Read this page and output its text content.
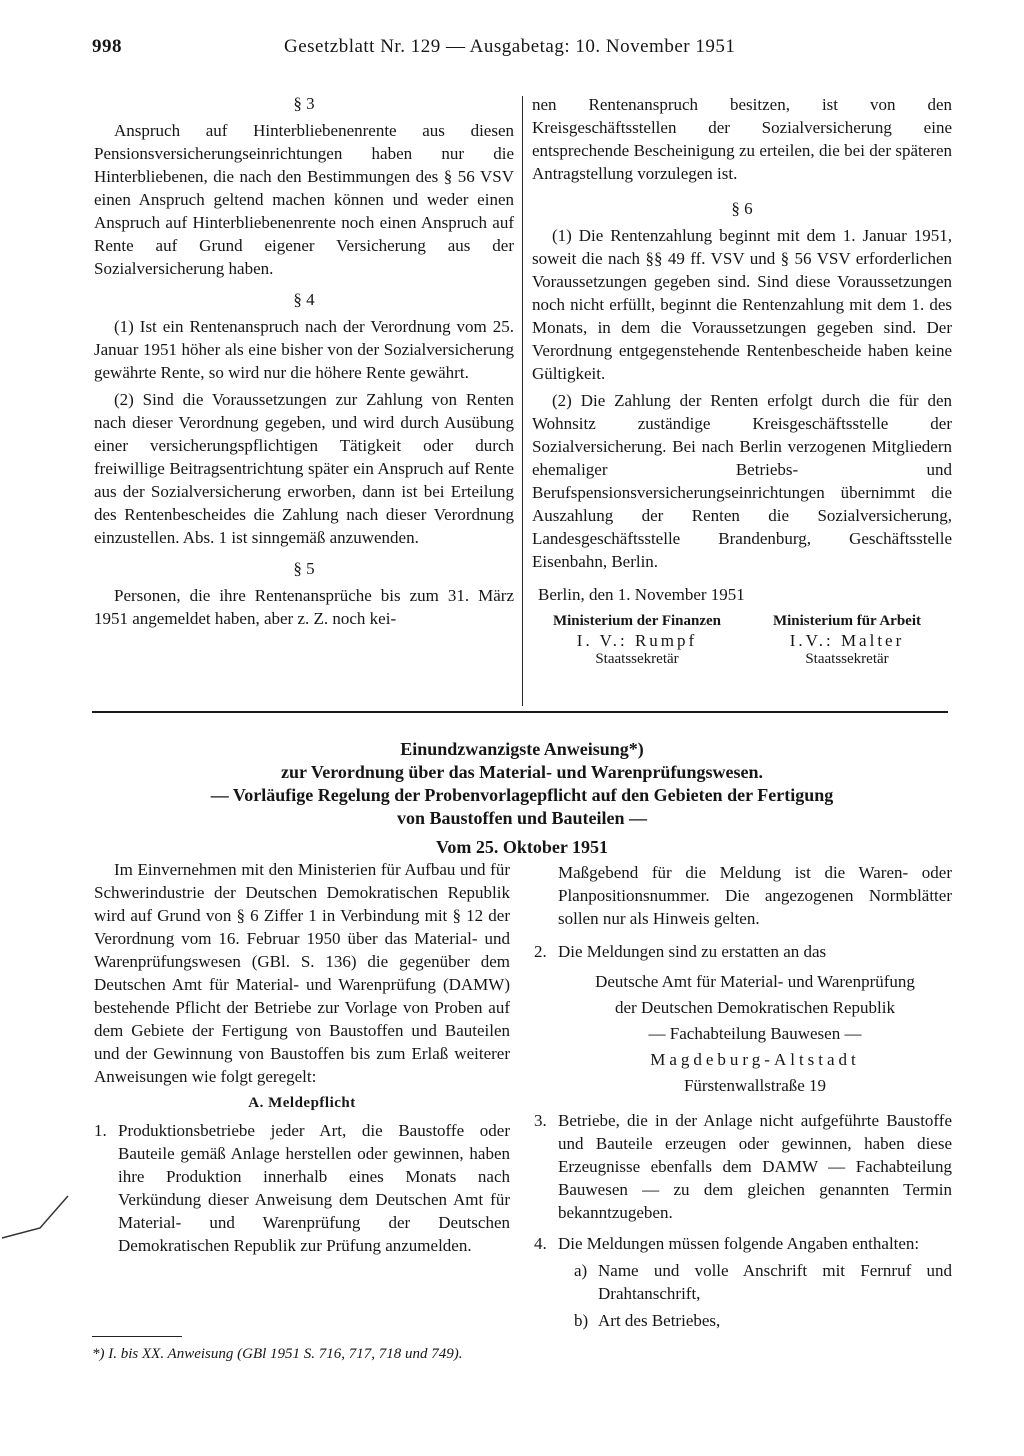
998	Gesetzblatt Nr. 129 — Ausgabetag: 10. November 1951
§ 3

Anspruch auf Hinterbliebenenrente aus diesen Pensionsversicherungseinrichtungen haben nur die Hinterbliebenen, die nach den Bestimmungen des § 56 VSV einen Anspruch geltend machen können und weder einen Anspruch auf Hinterbliebenenrente noch einen Anspruch auf Rente auf Grund eigener Versicherung aus der Sozialversicherung haben.

§ 4

(1) Ist ein Rentenanspruch nach der Verordnung vom 25. Januar 1951 höher als eine bisher von der Sozialversicherung gewährte Rente, so wird nur die höhere Rente gewährt.

(2) Sind die Voraussetzungen zur Zahlung von Renten nach dieser Verordnung gegeben, und wird durch Ausübung einer versicherungspflichtigen Tätigkeit oder durch freiwillige Beitragsentrichtung später ein Anspruch auf Rente aus der Sozialversicherung erworben, dann ist bei Erteilung des Rentenbescheides die Zahlung nach dieser Verordnung einzustellen. Abs. 1 ist sinngemäß anzuwenden.

§ 5

Personen, die ihre Rentenansprüche bis zum 31. März 1951 angemeldet haben, aber z. Z. noch kei-

nen Rentenanspruch besitzen, ist von den Kreisgeschäftsstellen der Sozialversicherung eine entsprechende Bescheinigung zu erteilen, die bei der späteren Antragstellung vorzulegen ist.

§ 6

(1) Die Rentenzahlung beginnt mit dem 1. Januar 1951, soweit die nach §§ 49 ff. VSV und § 56 VSV erforderlichen Voraussetzungen gegeben sind. Sind diese Voraussetzungen noch nicht erfüllt, beginnt die Rentenzahlung mit dem 1. des Monats, in dem die Voraussetzungen gegeben sind. Der Verordnung entgegenstehende Rentenbescheide haben keine Gültigkeit.

(2) Die Zahlung der Renten erfolgt durch die für den Wohnsitz zuständige Kreisgeschäftsstelle der Sozialversicherung. Bei nach Berlin verzogenen Mitgliedern ehemaliger Betriebs- und Berufspensionsversicherungseinrichtungen übernimmt die Auszahlung der Renten die Sozialversicherung, Landesgeschäftsstelle Brandenburg, Geschäftsstelle Eisenbahn, Berlin.

Berlin, den 1. November 1951
Ministerium der Finanzen
I. V.: Rumpf
Staatssekretär
Ministerium für Arbeit
I.V.: Malter
Staatssekretär
Einundzwanzigste Anweisung*)
zur Verordnung über das Material- und Warenprüfungswesen.
— Vorläufige Regelung der Probenvorlagepflicht auf den Gebieten der Fertigung
von Baustoffen und Bauteilen —
Vom 25. Oktober 1951

Im Einvernehmen mit den Ministerien für Aufbau und für Schwerindustrie der Deutschen Demokratischen Republik wird auf Grund von § 6 Ziffer 1 in Verbindung mit § 12 der Verordnung vom 16. Februar 1950 über das Material- und Warenprüfungswesen (GBl. S. 136) die gegenüber dem Deutschen Amt für Material- und Warenprüfung (DAMW) bestehende Pflicht der Betriebe zur Vorlage von Proben auf dem Gebiete der Fertigung von Baustoffen und Bauteilen und der Gewinnung von Baustoffen bis zum Erlaß weiterer Anweisungen wie folgt geregelt:

A. Meldepflicht
1. Produktionsbetriebe jeder Art, die Baustoffe oder Bauteile gemäß Anlage herstellen oder gewinnen, haben ihre Produktion innerhalb eines Monats nach Verkündung dieser Anweisung dem Deutschen Amt für Material- und Warenprüfung der Deutschen Demokratischen Republik zur Prüfung anzumelden.
*) I. bis XX. Anweisung (GBl 1951 S. 716, 717, 718 und 749).

Maßgebend für die Meldung ist die Waren- oder Planpositionsnummer. Die angezogenen Normblätter sollen nur als Hinweis gelten.

2. Die Meldungen sind zu erstatten an das
Deutsche Amt für Material- und Warenprüfung
der Deutschen Demokratischen Republik
— Fachabteilung Bauwesen —
Magdeburg-Altstadt
Fürstenwallstraße 19
3. Betriebe, die in der Anlage nicht aufgeführte Baustoffe und Bauteile erzeugen oder gewinnen, haben diese Erzeugnisse ebenfalls dem DAMW — Fachabteilung Bauwesen — zu dem gleichen genannten Termin bekanntzugeben.
4. Die Meldungen müssen folgende Angaben enthalten:
a) Name und volle Anschrift mit Fernruf und Drahtanschrift,
b) Art des Betriebes,
